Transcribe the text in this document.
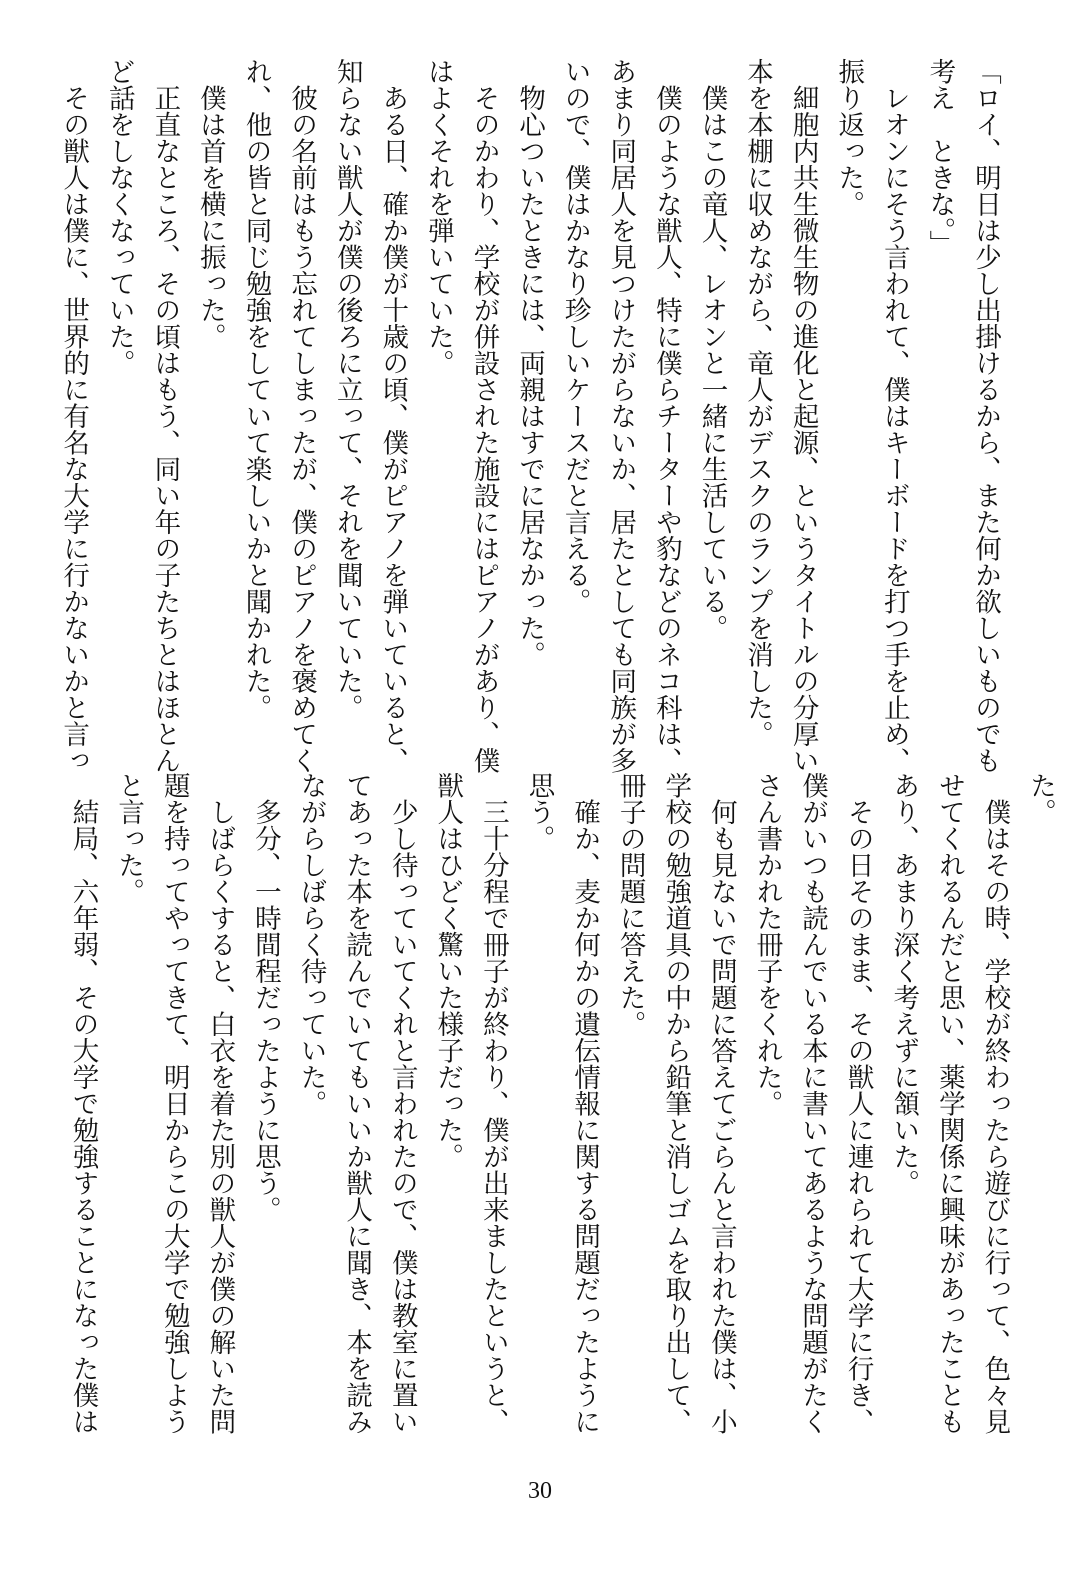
「ロイ、明日は少し出掛けるから、また何か欲しいものでも
考え　ときな。」
　レオンにそう言われて、僕はキーボードを打つ手を止め、
振り返った。
　細胞内共生微生物の進化と起源、というタイトルの分厚い
本を本棚に収めながら、竜人がデスクのランプを消した。
　僕はこの竜人、レオンと一緒に生活している。
　僕のような獣人、特に僕らチーターや豹などのネコ科は、
あまり同居人を見つけたがらないか、居たとしても同族が多
いので、僕はかなり珍しいケースだと言える。
　物心ついたときには、両親はすでに居なかった。
　そのかわり、学校が併設された施設にはピアノがあり、僕
はよくそれを弾いていた。
　ある日、確か僕が十歳の頃、僕がピアノを弾いていると、
知らない獣人が僕の後ろに立って、それを聞いていた。
　彼の名前はもう忘れてしまったが、僕のピアノを褒めてく
れ、他の皆と同じ勉強をしていて楽しいかと聞かれた。
　僕は首を横に振った。
　正直なところ、その頃はもう、同い年の子たちとはほとん
ど話をしなくなっていた。
　その獣人は僕に、世界的に有名な大学に行かないかと言っ
た。
　僕はその時、学校が終わったら遊びに行って、色々見
せてくれるんだと思い、薬学関係に興味があったことも
あり、あまり深く考えずに頷いた。
　その日そのまま、その獣人に連れられて大学に行き、
僕がいつも読んでいる本に書いてあるような問題がたく
さん書かれた冊子をくれた。
　何も見ないで問題に答えてごらんと言われた僕は、小
学校の勉強道具の中から鉛筆と消しゴムを取り出して、
冊子の問題に答えた。
　確か、麦か何かの遺伝情報に関する問題だったように
思う。
　三十分程で冊子が終わり、僕が出来ましたというと、
獣人はひどく驚いた様子だった。
　少し待っていてくれと言われたので、僕は教室に置い
てあった本を読んでいてもいいか獣人に聞き、本を読み
ながらしばらく待っていた。
　多分、一時間程だったように思う。
　しばらくすると、白衣を着た別の獣人が僕の解いた問
題を持ってやってきて、明日からこの大学で勉強しよう
と言った。
　結局、六年弱、その大学で勉強することになった僕は
30
